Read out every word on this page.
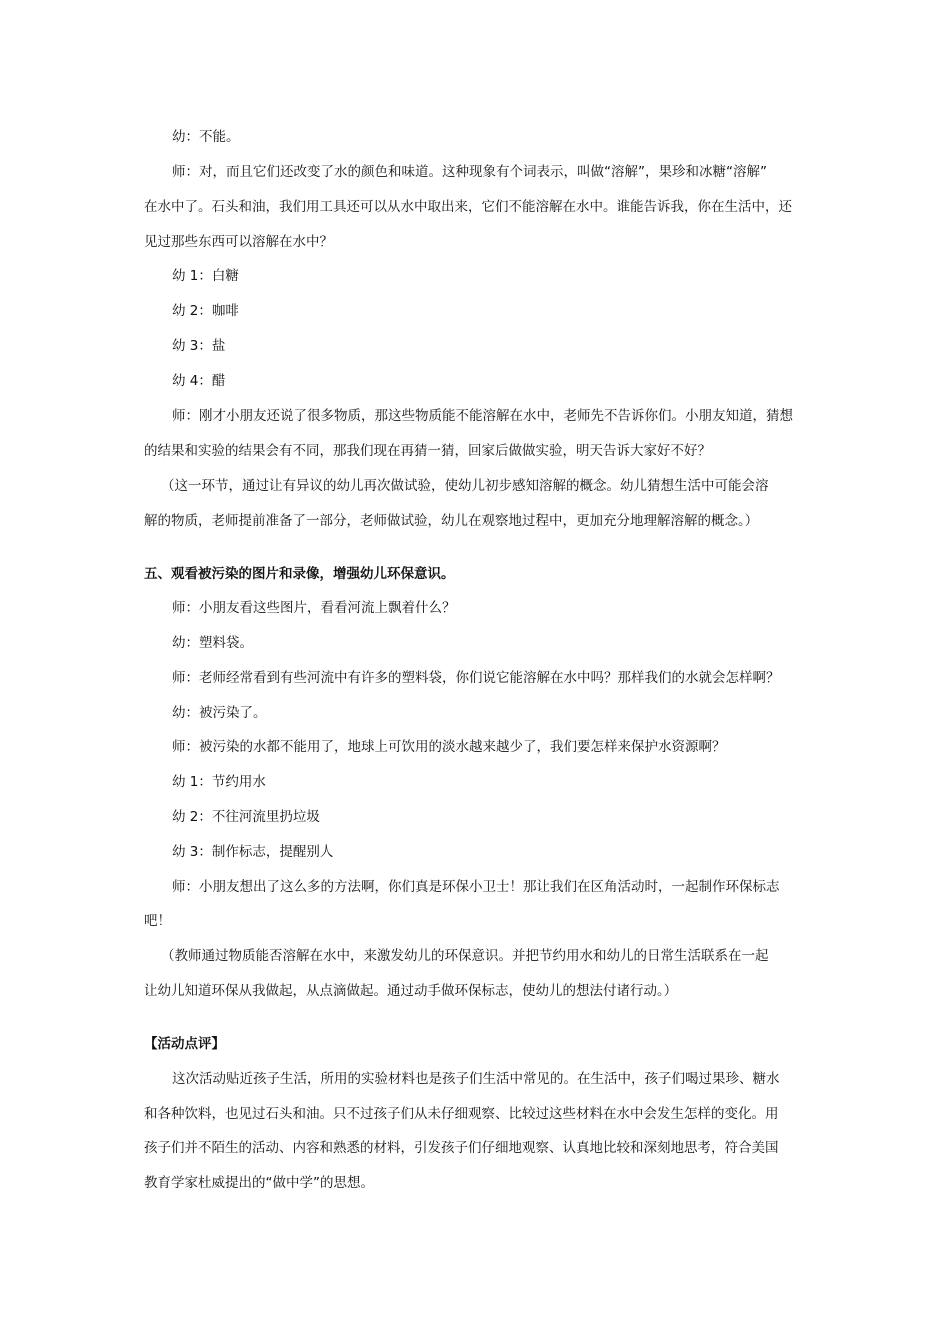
幼：不能。
师：对，而且它们还改变了水的颜色和味道。这种现象有个词表示，叫做“溶解”，果珍和冰糖“溶解”
在水中了。石头和油，我们用工具还可以从水中取出来，它们不能溶解在水中。谁能告诉我，你在生活中，还
见过那些东西可以溶解在水中？
幼 1：白糖
幼 2：咖啡
幼 3：盐
幼 4：醋
师：刚才小朋友还说了很多物质，那这些物质能不能溶解在水中，老师先不告诉你们。小朋友知道，猜想
的结果和实验的结果会有不同，那我们现在再猜一猜，回家后做做实验，明天告诉大家好不好？
（这一环节，通过让有异议的幼儿再次做试验，使幼儿初步感知溶解的概念。幼儿猜想生活中可能会溶
解的物质，老师提前准备了一部分，老师做试验，幼儿在观察地过程中，更加充分地理解溶解的概念。）
五、观看被污染的图片和录像，增强幼儿环保意识。
师：小朋友看这些图片，看看河流上飘着什么？
幼：塑料袋。
师：老师经常看到有些河流中有许多的塑料袋，你们说它能溶解在水中吗？那样我们的水就会怎样啊？
幼：被污染了。
师：被污染的水都不能用了，地球上可饮用的淡水越来越少了，我们要怎样来保护水资源啊？
幼 1：节约用水
幼 2：不往河流里扔垃圾
幼 3：制作标志，提醒别人
师：小朋友想出了这么多的方法啊，你们真是环保小卫士！那让我们在区角活动时，一起制作环保标志
吧！
（教师通过物质能否溶解在水中，来激发幼儿的环保意识。并把节约用水和幼儿的日常生活联系在一起
让幼儿知道环保从我做起，从点滴做起。通过动手做环保标志，使幼儿的想法付诸行动。）
【活动点评】
这次活动贴近孩子生活，所用的实验材料也是孩子们生活中常见的。在生活中，孩子们喝过果珍、糖水
和各种饮料，也见过石头和油。只不过孩子们从未仔细观察、比较过这些材料在水中会发生怎样的变化。用
孩子们并不陌生的活动、内容和熟悉的材料，引发孩子们仔细地观察、认真地比较和深刻地思考，符合美国
教育学家杜威提出的“做中学”的思想。
